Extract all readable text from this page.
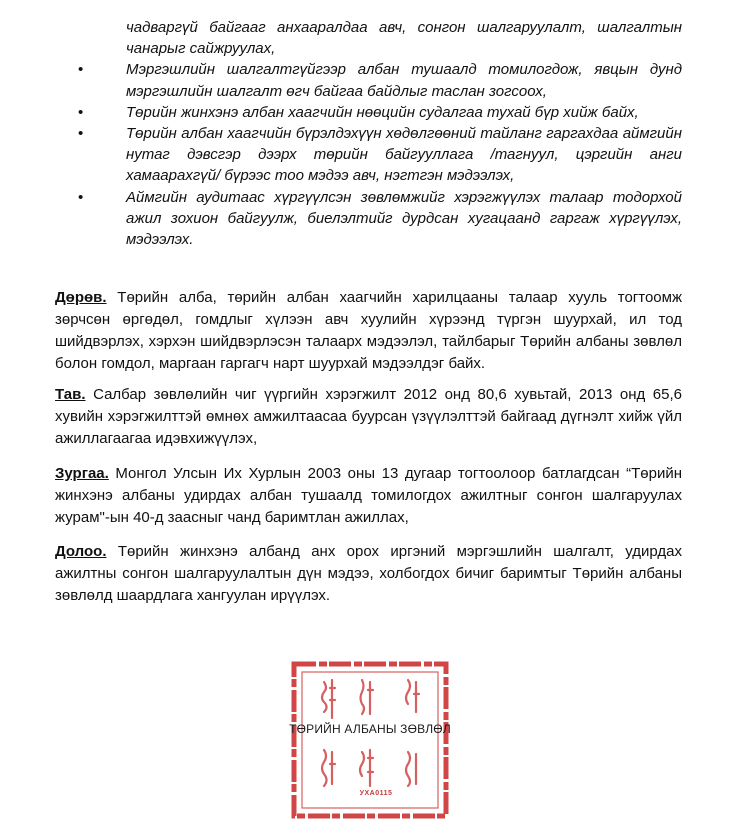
чадваргүй байгааг анхааралдаа авч, сонгон шалгаруулалт, шалгалтын чанарыг сайжруулах,
•	Мэргэшлийн шалгалтгүйгээр албан тушаалд томилогдож, явцын дунд мэргэшлийн шалгалт өгч байгаа байдлыг таслан зогсоох,
•	Төрийн жинхэнэ албан хаагчийн нөөцийн судалгаа тухай бүр хийж байх,
•	Төрийн албан хаагчийн бүрэлдэхүүн хөдөлгөөний тайланг гаргахдаа аймгийн нутаг дэвсгэр дээрх төрийн байгууллага /тагнуул, цэргийн анги хамаарахгүй/ бүрээс тоо мэдээ авч, нэгтгэн мэдээлэх,
•	Аймгийн аудитаас хүргүүлсэн зөвлөмжийг хэрэгжүүлэх талаар тодорхой ажил зохион байгуулж, биелэлтийг дурдсан хугацаанд гаргаж хүргүүлэх, мэдээлэх.

Дөрөв. Төрийн алба, төрийн албан хаагчийн харилцааны талаар хууль тогтоомж зөрчсөн өргөдөл, гомдлыг хүлээн авч хуулийн хүрээнд түргэн шуурхай, ил тод шийдвэрлэх, хэрхэн шийдвэрлэсэн талаарх мэдээлэл, тайлбарыг Төрийн албаны зөвлөл болон гомдол, маргаан гаргагч нарт шуурхай мэдээлдэг байх.

Тав. Салбар зөвлөлийн чиг үүргийн хэрэгжилт 2012 онд 80,6 хувьтай, 2013 онд 65,6 хувийн хэрэгжилттэй өмнөх амжилтаасаа буурсан үзүүлэлттэй байгаад дүгнэлт хийж үйл ажиллагаагаа идэвхижүүлэх,

Зургаа. Монгол Улсын Их Хурлын 2003 оны 13 дугаар тогтоолоор батлагдсан “Төрийн жинхэнэ албаны удирдах албан тушаалд томилогдох ажилтныг сонгон шалгаруулах журам"-ын 40-д заасныг чанд баримтлан ажиллах,

Долоо. Төрийн жинхэнэ албанд анх орох иргэний мэргэшлийн шалгалт, удирдах ажилтны сонгон шалгаруулалтын дүн мэдээ, холбогдох бичиг баримтыг Төрийн албаны зөвлөлд шаардлага хангуулан ирүүлэх.

ТӨРИЙН АЛБАНЫ ЗӨВЛӨЛ
УХА0115
